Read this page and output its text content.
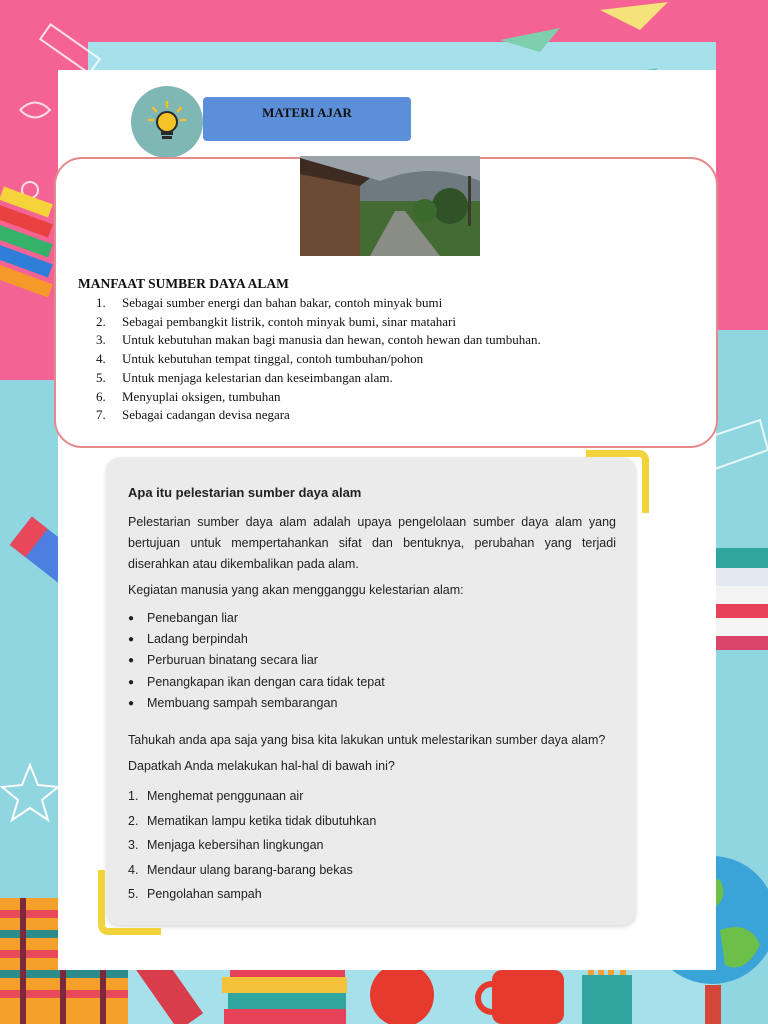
MATERI AJAR
MANFAAT SUMBER DAYA ALAM
1.	Sebagai sumber energi dan bahan bakar, contoh minyak bumi
2.	Sebagai pembangkit listrik, contoh minyak bumi, sinar matahari
3.	Untuk kebutuhan makan bagi manusia dan hewan, contoh hewan dan tumbuhan.
4.	Untuk kebutuhan tempat tinggal, contoh tumbuhan/pohon
5.	Untuk menjaga kelestarian dan keseimbangan alam.
6.	Menyuplai oksigen, tumbuhan
7.	Sebagai cadangan devisa negara
Apa itu pelestarian sumber daya alam
Pelestarian sumber daya alam adalah upaya pengelolaan sumber daya alam yang bertujuan untuk mempertahankan sifat dan bentuknya, perubahan yang terjadi diserahkan atau dikembalikan pada alam.
Kegiatan manusia yang akan mengganggu kelestarian alam:
●	Penebangan liar
●	Ladang berpindah
●	Perburuan binatang secara liar
●	Penangkapan ikan dengan cara tidak tepat
●	Membuang sampah sembarangan
Tahukah anda apa saja yang bisa kita lakukan untuk melestarikan sumber daya alam?
Dapatkah Anda melakukan hal-hal di bawah ini?
1. Menghemat penggunaan air
2. Mematikan lampu ketika tidak dibutuhkan
3. Menjaga kebersihan lingkungan
4. Mendaur ulang barang-barang bekas
5. Pengolahan sampah
